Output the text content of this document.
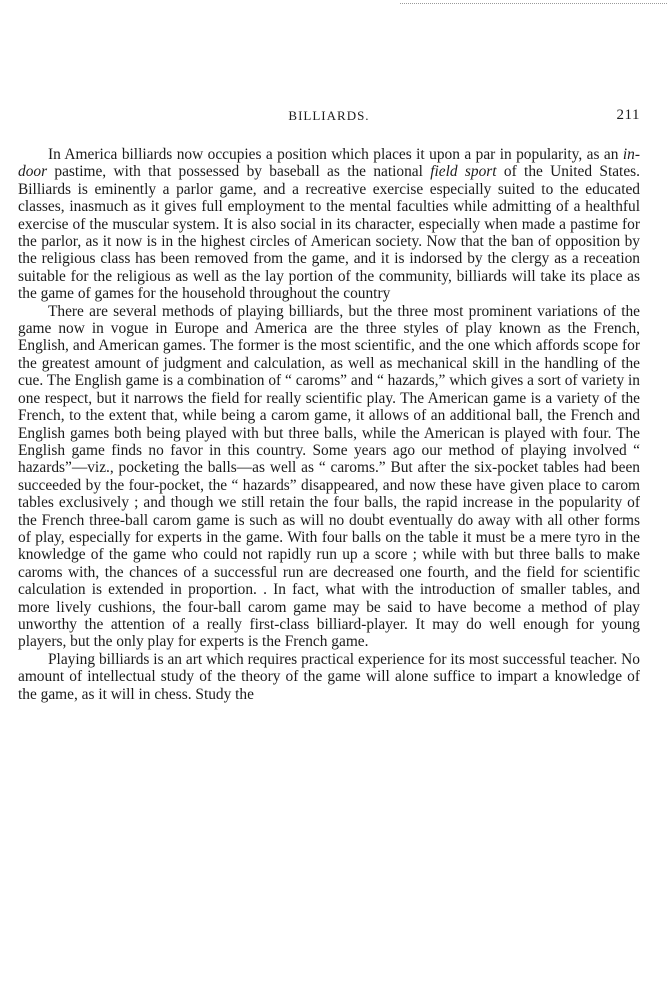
BILLIARDS.	211

In America billiards now occupies a position which places it upon a par in popularity, as an in-door pastime, with that possessed by baseball as the national field sport of the United States. Billiards is eminently a parlor game, and a recreative exercise especially suited to the educated classes, inasmuch as it gives full employment to the mental faculties while admitting of a healthful exercise of the muscular system. It is also social in its character, especially when made a pastime for the parlor, as it now is in the highest circles of American society. Now that the ban of opposition by the religious class has been removed from the game, and it is indorsed by the clergy as a receation suitable for the religious as well as the lay portion of the community, billiards will take its place as the game of games for the household throughout the country

There are several methods of playing billiards, but the three most prominent variations of the game now in vogue in Europe and America are the three styles of play known as the French, English, and American games. The former is the most scientific, and the one which affords scope for the greatest amount of judgment and calculation, as well as mechanical skill in the handling of the cue. The English game is a combination of “ caroms” and “ hazards,” which gives a sort of variety in one respect, but it narrows the field for really scientific play. The American game is a variety of the French, to the extent that, while being a carom game, it allows of an additional ball, the French and English games both being played with but three balls, while the American is played with four. The English game finds no favor in this country. Some years ago our method of playing involved “ hazards”—viz., pocketing the balls—as well as “ caroms.” But after the six-pocket tables had been succeeded by the four-pocket, the “ hazards” disappeared, and now these have given place to carom tables exclusively ; and though we still retain the four balls, the rapid increase in the popularity of the French three-ball carom game is such as will no doubt eventually do away with all other forms of play, especially for experts in the game. With four balls on the table it must be a mere tyro in the knowledge of the game who could not rapidly run up a score ; while with but three balls to make caroms with, the chances of a successful run are decreased one fourth, and the field for scientific calculation is extended in proportion. . In fact, what with the introduction of smaller tables, and more lively cushions, the four-ball carom game may be said to have become a method of play unworthy the attention of a really first-class billiard-player. It may do well enough for young players, but the only play for experts is the French game.

Playing billiards is an art which requires practical experience for its most successful teacher. No amount of intellectual study of the theory of the game will alone suffice to impart a knowledge of the game, as it will in chess. Study the
